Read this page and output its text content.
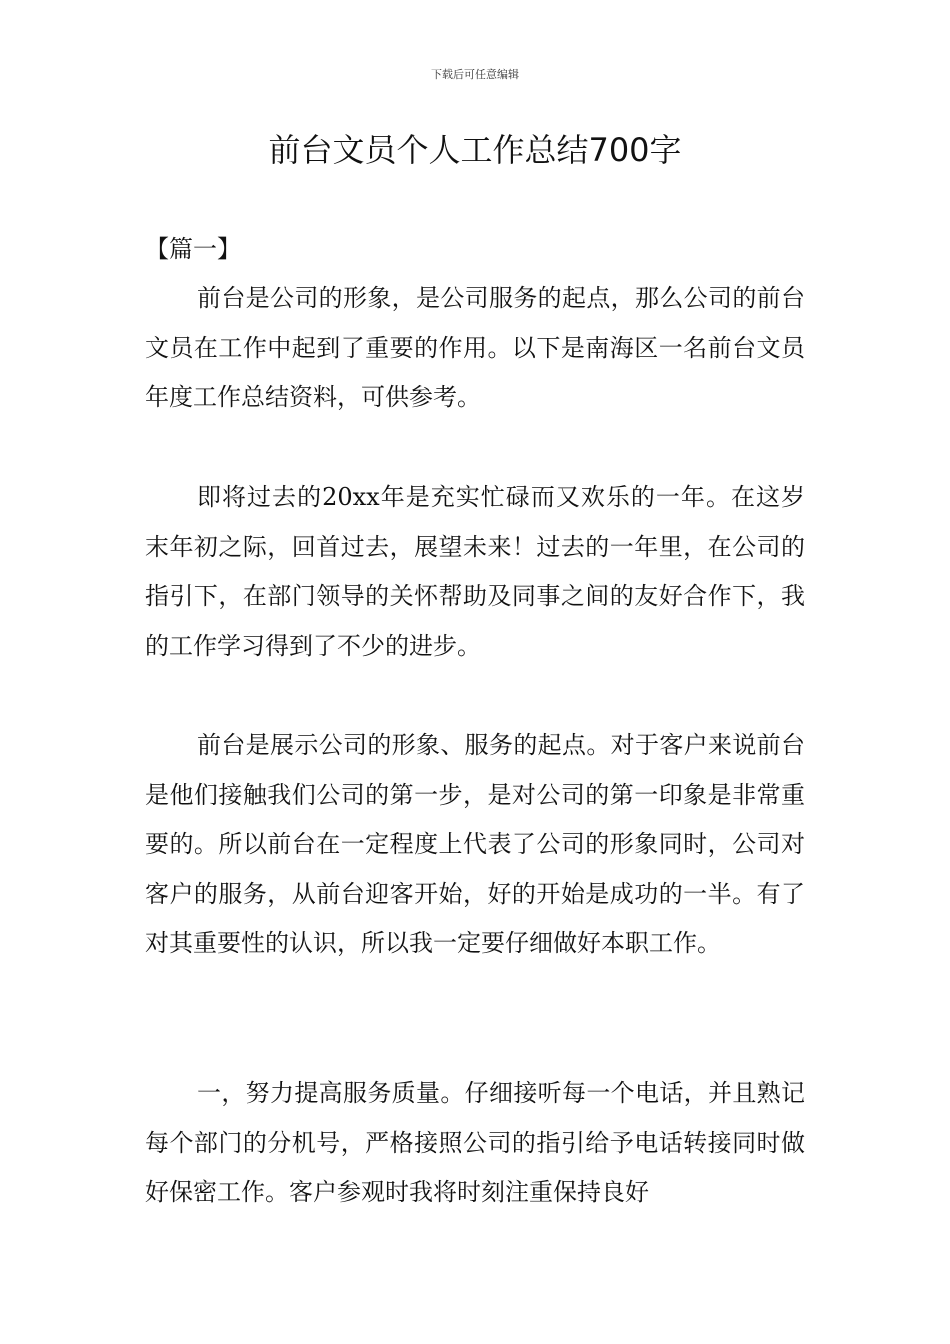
下载后可任意编辑
前台文员个人工作总结700字
【篇一】

前台是公司的形象，是公司服务的起点，那么公司的前台文员在工作中起到了重要的作用。以下是南海区一名前台文员年度工作总结资料，可供参考。

即将过去的20xx年是充实忙碌而又欢乐的一年。在这岁末年初之际，回首过去，展望未来！过去的一年里，在公司的指引下，在部门领导的关怀帮助及同事之间的友好合作下，我的工作学习得到了不少的进步。

前台是展示公司的形象、服务的起点。对于客户来说前台是他们接触我们公司的第一步，是对公司的第一印象是非常重要的。所以前台在一定程度上代表了公司的形象同时，公司对客户的服务，从前台迎客开始，好的开始是成功的一半。有了对其重要性的认识，所以我一定要仔细做好本职工作。

一，努力提高服务质量。仔细接听每一个电话，并且熟记每个部门的分机号，严格接照公司的指引给予电话转接同时做好保密工作。客户参观时我将时刻注重保持良好
